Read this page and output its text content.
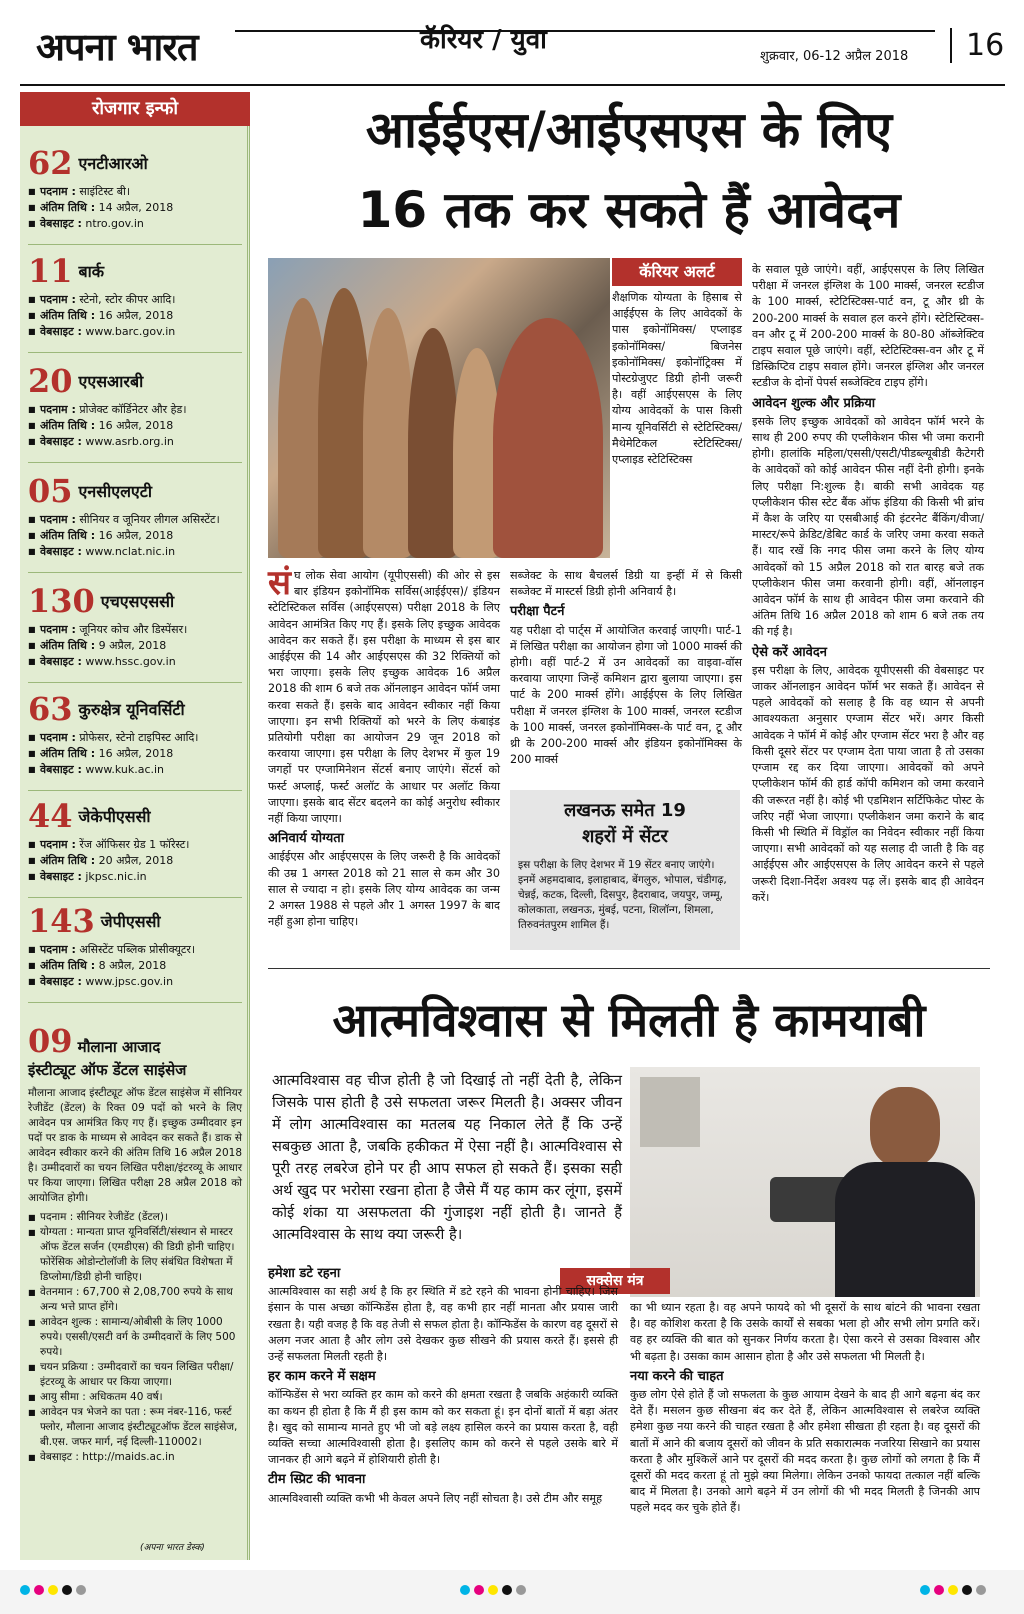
अपना भारत	कॅरियर / युवा
शुक्रवार, 06-12 अप्रैल 2018	16
रोजगार इन्फो
62 एनटीआरओ
■ पदनाम : साइंटिस्ट बी।
■ अंतिम तिथि : 14 अप्रैल, 2018
■ वेबसाइट : ntro.gov.in
11 बार्क
■ पदनाम : स्टेनो, स्टोर कीपर आदि।
■ अंतिम तिथि : 16 अप्रैल, 2018
■ वेबसाइट : www.barc.gov.in
20 एएसआरबी
■ पदनाम : प्रोजेक्ट कॉर्डिनेटर और हेड।
■ अंतिम तिथि : 16 अप्रैल, 2018
■ वेबसाइट : www.asrb.org.in
05 एनसीएलएटी
■ पदनाम : सीनियर व जूनियर लीगल असिस्टेंट।
■ अंतिम तिथि : 16 अप्रैल, 2018
■ वेबसाइट : www.nclat.nic.in
130 एचएसएससी
■ पदनाम : जूनियर कोच और डिस्पेंसर।
■ अंतिम तिथि : 9 अप्रैल, 2018
■ वेबसाइट : www.hssc.gov.in
63 कुरुक्षेत्र यूनिवर्सिटी
■ पदनाम : प्रोफेसर, स्टेनो टाइपिस्ट आदि।
■ अंतिम तिथि : 16 अप्रैल, 2018
■ वेबसाइट : www.kuk.ac.in
44 जेकेपीएससी
■ पदनाम : रेंज ऑफिसर ग्रेड 1 फॉरेस्ट।
■ अंतिम तिथि : 20 अप्रैल, 2018
■ वेबसाइट : jkpsc.nic.in
143 जेपीएससी
■ पदनाम : असिस्टेंट पब्लिक प्रोसीक्यूटर।
■ अंतिम तिथि : 8 अप्रैल, 2018
■ वेबसाइट : www.jpsc.gov.in
09 मौलाना आजाद
इंस्टीट्यूट ऑफ डेंटल साइंसेज

मौलाना आजाद इंस्टीट्यूट ऑफ डेंटल साइंसेज में सीनियर रेजीडेंट (डेंटल) के रिक्त 09 पदों को भरने के लिए आवेदन पत्र आमंत्रित किए गए हैं। इच्छुक उम्मीदवार इन पदों पर डाक के माध्यम से आवेदन कर सकते हैं। डाक से आवेदन स्वीकार करने की अंतिम तिथि 16 अप्रैल 2018 है। उम्मीदवारों का चयन लिखित परीक्षा/इंटरव्यू के आधार पर किया जाएगा। लिखित परीक्षा 28 अप्रैल 2018 को आयोजित होगी।

■ पदनाम : सीनियर रेजीडेंट (डेंटल)।
■ योग्यता : मान्यता प्राप्त यूनिवर्सिटी/संस्थान से मास्टर ऑफ डेंटल सर्जन (एमडीएस) की डिग्री होनी चाहिए। फोरेंसिक ओडोन्टोलॉजी के लिए संबंधित विशेषता में डिप्लोमा/डिग्री होनी चाहिए।
■ वेतनमान : 67,700 से 2,08,700 रुपये के साथ अन्य भत्ते प्राप्त होंगे।
■ आवेदन शुल्क : सामान्य/ओबीसी के लिए 1000 रुपये। एससी/एसटी वर्ग के उम्मीदवारों के लिए 500 रुपये।
■ चयन प्रक्रिया : उम्मीदवारों का चयन लिखित परीक्षा/इंटरव्यू के आधार पर किया जाएगा।
■ आयु सीमा : अधिकतम 40 वर्ष।
■ आवेदन पत्र भेजने का पता : रूम नंबर-116, फर्स्ट फ्लोर, मौलाना आजाद इंस्टीट्यूटऑफ डेंटल साइंसेज, बी.एस. जफर मार्ग, नई दिल्ली-110002।
■ वेबसाइट : http://maids.ac.in
(अपना भारत डेस्क)
आईईएस/आईएसएस के लिए
16 तक कर सकते हैं आवेदन
कॅरियर अलर्ट
शैक्षणिक योग्यता के हिसाब से आईईएस के लिए आवेदकों के पास इकोनॉमिक्स/ एप्लाइड इकोनॉमिक्स/ बिजनेस इकोनॉमिक्स/ इकोनॉट्रिक्स में पोस्टग्रेजुएट डिग्री होनी जरूरी है। वहीं आईएसएस के लिए योग्य आवेदकों के पास किसी मान्य यूनिवर्सिटी से स्टेटिस्टिक्स/ मैथेमेटिकल स्टेटिस्टिक्स/ एप्लाइड स्टेटिस्टिक्स
संघ लोक सेवा आयोग (यूपीएससी) की ओर से इस बार इंडियन इकोनॉमिक सर्विस(आईईएस)/ इंडियन स्टेटिस्टिकल सर्विस (आईएसएस) परीक्षा 2018 के लिए आवेदन आमंत्रित किए गए हैं। इसके लिए इच्छुक आवेदक आवेदन कर सकते हैं। इस परीक्षा के माध्यम से इस बार आईईएस की 14 और आईएसएस की 32 रिक्तियों को भरा जाएगा। इसके लिए इच्छुक आवेदक 16 अप्रैल 2018 की शाम 6 बजे तक ऑनलाइन आवेदन फॉर्म जमा करवा सकते हैं। इसके बाद आवेदन स्वीकार नहीं किया जाएगा। इन सभी रिक्तियों को भरने के लिए कंबाइंड प्रतियोगी परीक्षा का आयोजन 29 जून 2018 को करवाया जाएगा। इस परीक्षा के लिए देशभर में कुल 19 जगहों पर एग्जामिनेशन सेंटर्स बनाए जाएंगे। सेंटर्स को फर्स्ट अप्लाई, फर्स्ट अलॉट के आधार पर अलॉट किया जाएगा। इसके बाद सेंटर बदलने का कोई अनुरोध स्वीकार नहीं किया जाएगा।
अनिवार्य योग्यता
आईईएस और आईएसएस के लिए जरूरी है कि आवेदकों की उम्र 1 अगस्त 2018 को 21 साल से कम और 30 साल से ज्यादा न हो। इसके लिए योग्य आवेदक का जन्म 2 अगस्त 1988 से पहले और 1 अगस्त 1997 के बाद नहीं हुआ होना चाहिए।
सब्जेक्ट के साथ बैचलर्स डिग्री या इन्हीं में से किसी सब्जेक्ट में मास्टर्स डिग्री होनी अनिवार्य है।
परीक्षा पैटर्न
यह परीक्षा दो पार्ट्स में आयोजित करवाई जाएगी। पार्ट-1 में लिखित परीक्षा का आयोजन होगा जो 1000 मार्क्स की होगी। वहीं पार्ट-2 में उन आवेदकों का वाइवा-वॉस करवाया जाएगा जिन्हें कमिशन द्वारा बुलाया जाएगा। इस पार्ट के 200 मार्क्स होंगे। आईईएस के लिए लिखित परीक्षा में जनरल इंग्लिश के 100 मार्क्स, जनरल स्टडीज के 100 मार्क्स, जनरल इकोनॉमिक्स-के पार्ट वन, टू और थ्री के 200-200 मार्क्स और इंडियन इकोनॉमिक्स के 200 मार्क्स
लखनऊ समेत 19
शहरों में सेंटर
इस परीक्षा के लिए देशभर में 19 सेंटर बनाए जाएंगे। इनमें अहमदाबाद, इलाहाबाद, बेंगलुरु, भोपाल, चंडीगढ़, चेन्नई, कटक, दिल्ली, दिसपुर, हैदराबाद, जयपुर, जम्मू, कोलकाता, लखनऊ, मुंबई, पटना, शिलॉन्ग, शिमला, तिरुवनंतपुरम शामिल हैं।
के सवाल पूछे जाएंगे। वहीं, आईएसएस के लिए लिखित परीक्षा में जनरल इंग्लिश के 100 मार्क्स, जनरल स्टडीज के 100 मार्क्स, स्टेटिस्टिक्स-पार्ट वन, टू और थ्री के 200-200 मार्क्स के सवाल हल करने होंगे। स्टेटिस्टिक्स-वन और टू में 200-200 मार्क्स के 80-80 ऑब्जेक्टिव टाइप सवाल पूछे जाएंगे। वहीं, स्टेटिस्टिक्स-वन और टू में डिस्क्रिप्टिव टाइप सवाल होंगे। जनरल इंग्लिश और जनरल स्टडीज के दोनों पेपर्स सब्जेक्टिव टाइप होंगे।
आवेदन शुल्क और प्रक्रिया
इसके लिए इच्छुक आवेदकों को आवेदन फॉर्म भरने के साथ ही 200 रुपए की एप्लीकेशन फीस भी जमा करानी होगी। हालांकि महिला/एससी/एसटी/पीडब्ल्यूबीडी कैटेगरी के आवेदकों को कोई आवेदन फीस नहीं देनी होगी। इनके लिए परीक्षा नि:शुल्क है। बाकी सभी आवेदक यह एप्लीकेशन फीस स्टेट बैंक ऑफ इंडिया की किसी भी ब्रांच में कैश के जरिए या एसबीआई की इंटरनेट बैंकिंग/वीजा/मास्टर/रूपे क्रेडिट/डेबिट कार्ड के जरिए जमा करवा सकते हैं। याद रखें कि नगद फीस जमा करने के लिए योग्य आवेदकों को 15 अप्रैल 2018 को रात बारह बजे तक एप्लीकेशन फीस जमा करवानी होगी। वहीं, ऑनलाइन आवेदन फॉर्म के साथ ही आवेदन फीस जमा करवाने की अंतिम तिथि 16 अप्रैल 2018 को शाम 6 बजे तक तय की गई है।
ऐसे करें आवेदन
इस परीक्षा के लिए, आवेदक यूपीएससी की वेबसाइट पर जाकर ऑनलाइन आवेदन फॉर्म भर सकते हैं। आवेदन से पहले आवेदकों को सलाह है कि वह ध्यान से अपनी आवश्यकता अनुसार एग्जाम सेंटर भरें। अगर किसी आवेदक ने फॉर्म में कोई और एग्जाम सेंटर भरा है और वह किसी दूसरे सेंटर पर एग्जाम देता पाया जाता है तो उसका एग्जाम रद्द कर दिया जाएगा। आवेदकों को अपने एप्लीकेशन फॉर्म की हार्ड कॉपी कमिशन को जमा करवाने की जरूरत नहीं है। कोई भी एडमिशन सर्टिफिकेट पोस्ट के जरिए नहीं भेजा जाएगा। एप्लीकेशन जमा कराने के बाद किसी भी स्थिति में विड्रॉल का निवेदन स्वीकार नहीं किया जाएगा। सभी आवेदकों को यह सलाह दी जाती है कि वह आईईएस और आईएसएस के लिए आवेदन करने से पहले जरूरी दिशा-निर्देश अवश्य पढ़ लें। इसके बाद ही आवेदन करें।
आत्मविश्वास से मिलती है कामयाबी
आत्मविश्वास वह चीज होती है जो दिखाई तो नहीं देती है, लेकिन जिसके पास होती है उसे सफलता जरूर मिलती है। अक्सर जीवन में लोग आत्मविश्वास का मतलब यह निकाल लेते हैं कि उन्हें सबकुछ आता है, जबकि हकीकत में ऐसा नहीं है। आत्मविश्वास से पूरी तरह लबरेज होने पर ही आप सफल हो सकते हैं। इसका सही अर्थ खुद पर भरोसा रखना होता है जैसे मैं यह काम कर लूंगा, इसमें कोई शंका या असफलता की गुंजाइश नहीं होती है। जानते हैं आत्मविश्वास के साथ क्या जरूरी है।
सक्सेस मंत्र
हमेशा डटे रहना
आत्मविश्वास का सही अर्थ है कि हर स्थिति में डटे रहने की भावना होनी चाहिए। जिस इंसान के पास अच्छा कॉन्फिडेंस होता है, वह कभी हार नहीं मानता और प्रयास जारी रखता है। यही वजह है कि वह तेजी से सफल होता है। कॉन्फिडेंस के कारण वह दूसरों से अलग नजर आता है और लोग उसे देखकर कुछ सीखने की प्रयास करते हैं। इससे ही उन्हें सफलता मिलती रहती है।
हर काम करने में सक्षम
कॉन्फिडेंस से भरा व्यक्ति हर काम को करने की क्षमता रखता है जबकि अहंकारी व्यक्ति का कथन ही होता है कि मैं ही इस काम को कर सकता हूं। इन दोनों बातों में बड़ा अंतर है। खुद को सामान्य मानते हुए भी जो बड़े लक्ष्य हासिल करने का प्रयास करता है, वही व्यक्ति सच्चा आत्मविश्वासी होता है। इसलिए काम को करने से पहले उसके बारे में जानकर ही आगे बढ़ने में होशियारी होती है।
टीम स्प्रिट की भावना
आत्मविश्वासी व्यक्ति कभी भी केवल अपने लिए नहीं सोचता है। उसे टीम और समूह
का भी ध्यान रहता है। वह अपने फायदे को भी दूसरों के साथ बांटने की भावना रखता है। वह कोशिश करता है कि उसके कार्यों से सबका भला हो और सभी लोग प्रगति करें। वह हर व्यक्ति की बात को सुनकर निर्णय करता है। ऐसा करने से उसका विश्वास और भी बढ़ता है। उसका काम आसान होता है और उसे सफलता भी मिलती है।
नया करने की चाहत
कुछ लोग ऐसे होते हैं जो सफलता के कुछ आयाम देखने के बाद ही आगे बढ़ना बंद कर देते हैं। मसलन कुछ सीखना बंद कर देते हैं, लेकिन आत्मविश्वास से लबरेज व्यक्ति हमेशा कुछ नया करने की चाहत रखता है और हमेशा सीखता ही रहता है। वह दूसरों की बातों में आने की बजाय दूसरों को जीवन के प्रति सकारात्मक नजरिया सिखाने का प्रयास करता है और मुश्किलें आने पर दूसरों की मदद करता है। कुछ लोगों को लगता है कि मैं दूसरों की मदद करता हूं तो मुझे क्या मिलेगा। लेकिन उनको फायदा तत्काल नहीं बल्कि बाद में मिलता है। उनको आगे बढ़ने में उन लोगों की भी मदद मिलती है जिनकी आप पहले मदद कर चुके होते हैं।
